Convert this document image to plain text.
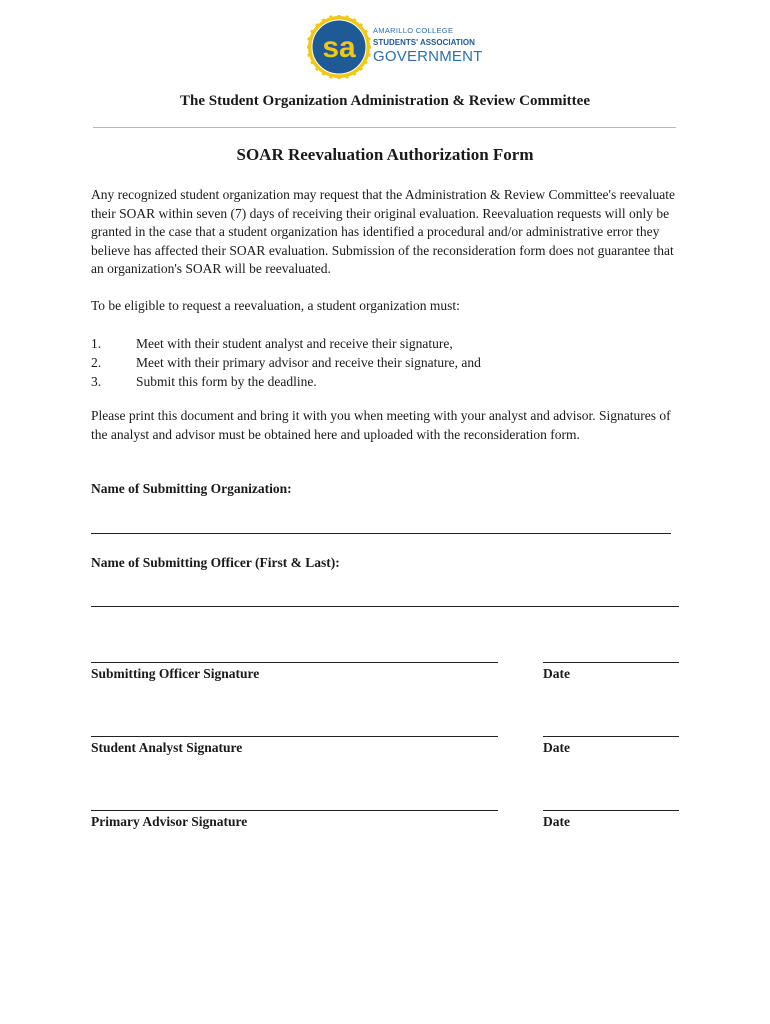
sa
AMARILLO COLLEGE
STUDENTS' ASSOCIATION
GOVERNMENT
The Student Organization Administration & Review Committee
SOAR Reevaluation Authorization Form
Any recognized student organization may request that the Administration & Review Committee's reevaluate their SOAR within seven (7) days of receiving their original evaluation. Reevaluation requests will only be granted in the case that a student organization has identified a procedural and/or administrative error they believe has affected their SOAR evaluation. Submission of the reconsideration form does not guarantee that an organization's SOAR will be reevaluated.
To be eligible to request a reevaluation, a student organization must:
1.	Meet with their student analyst and receive their signature,
2.	Meet with their primary advisor and receive their signature, and
3.	Submit this form by the deadline.
Please print this document and bring it with you when meeting with your analyst and advisor. Signatures of the analyst and advisor must be obtained here and uploaded with the reconsideration form.
Name of Submitting Organization:
Name of Submitting Officer (First & Last):
Submitting Officer Signature	Date
Student Analyst Signature	Date
Primary Advisor Signature	Date
